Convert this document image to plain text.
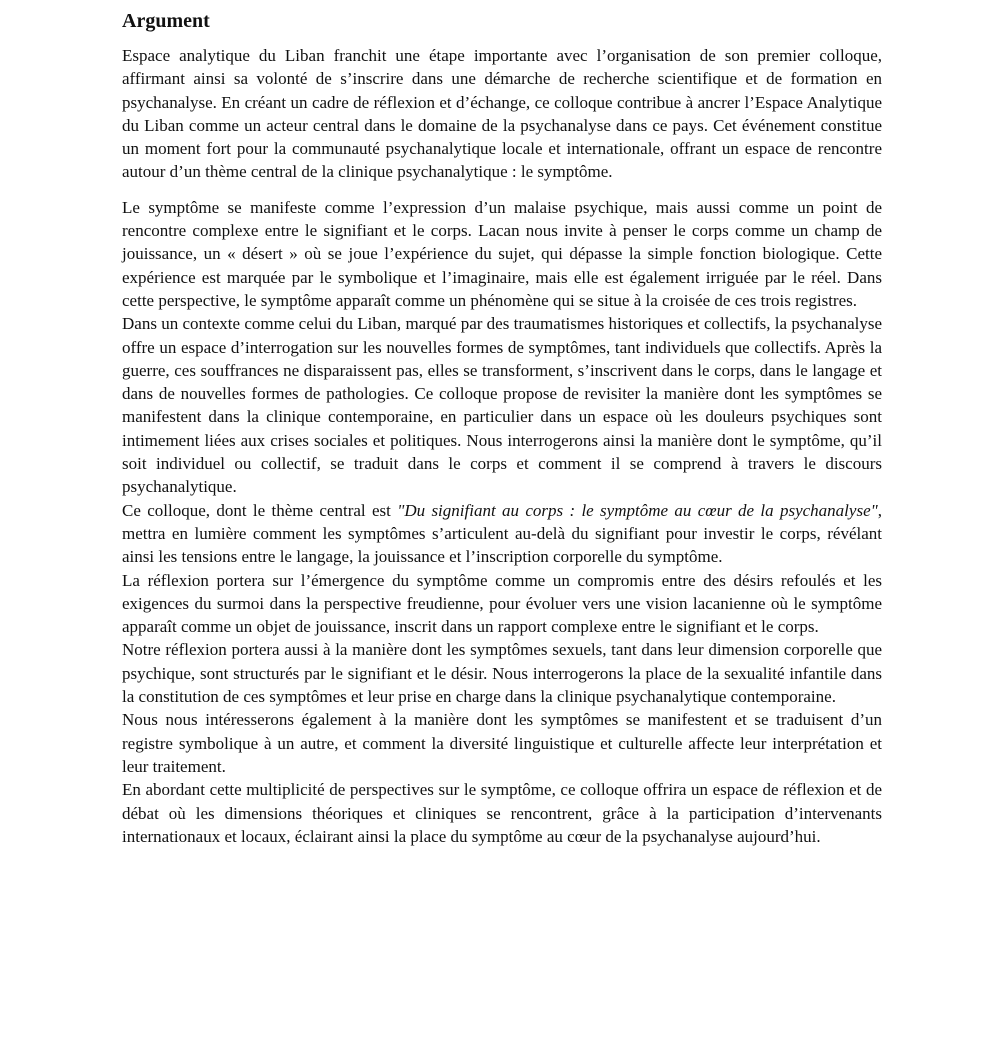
Argument

Espace analytique du Liban franchit une étape importante avec l’organisation de son premier colloque, affirmant ainsi sa volonté de s’inscrire dans une démarche de recherche scientifique et de formation en psychanalyse. En créant un cadre de réflexion et d’échange, ce colloque contribue à ancrer l’Espace Analytique du Liban comme un acteur central dans le domaine de la psychanalyse dans ce pays. Cet événement constitue un moment fort pour la communauté psychanalytique locale et internationale, offrant un espace de rencontre autour d’un thème central de la clinique psychanalytique : le symptôme.

Le symptôme se manifeste comme l’expression d’un malaise psychique, mais aussi comme un point de rencontre complexe entre le signifiant et le corps. Lacan nous invite à penser le corps comme un champ de jouissance, un « désert » où se joue l’expérience du sujet, qui dépasse la simple fonction biologique. Cette expérience est marquée par le symbolique et l’imaginaire, mais elle est également irriguée par le réel. Dans cette perspective, le symptôme apparaît comme un phénomène qui se situe à la croisée de ces trois registres.

Dans un contexte comme celui du Liban, marqué par des traumatismes historiques et collectifs, la psychanalyse offre un espace d’interrogation sur les nouvelles formes de symptômes, tant individuels que collectifs. Après la guerre, ces souffrances ne disparaissent pas, elles se transforment, s’inscrivent dans le corps, dans le langage et dans de nouvelles formes de pathologies. Ce colloque propose de revisiter la manière dont les symptômes se manifestent dans la clinique contemporaine, en particulier dans un espace où les douleurs psychiques sont intimement liées aux crises sociales et politiques. Nous interrogerons ainsi la manière dont le symptôme, qu’il soit individuel ou collectif, se traduit dans le corps et comment il se comprend à travers le discours psychanalytique.

Ce colloque, dont le thème central est "Du signifiant au corps : le symptôme au cœur de la psychanalyse", mettra en lumière comment les symptômes s’articulent au-delà du signifiant pour investir le corps, révélant ainsi les tensions entre le langage, la jouissance et l’inscription corporelle du symptôme.

La réflexion portera sur l’émergence du symptôme comme un compromis entre des désirs refoulés et les exigences du surmoi dans la perspective freudienne, pour évoluer vers une vision lacanienne où le symptôme apparaît comme un objet de jouissance, inscrit dans un rapport complexe entre le signifiant et le corps.

Notre réflexion portera aussi à la manière dont les symptômes sexuels, tant dans leur dimension corporelle que psychique, sont structurés par le signifiant et le désir. Nous interrogerons la place de la sexualité infantile dans la constitution de ces symptômes et leur prise en charge dans la clinique psychanalytique contemporaine.

Nous nous intéresserons également à la manière dont les symptômes se manifestent et se traduisent d’un registre symbolique à un autre, et comment la diversité linguistique et culturelle affecte leur interprétation et leur traitement.

En abordant cette multiplicité de perspectives sur le symptôme, ce colloque offrira un espace de réflexion et de débat où les dimensions théoriques et cliniques se rencontrent, grâce à la participation d’intervenants internationaux et locaux, éclairant ainsi la place du symptôme au cœur de la psychanalyse aujourd’hui.
